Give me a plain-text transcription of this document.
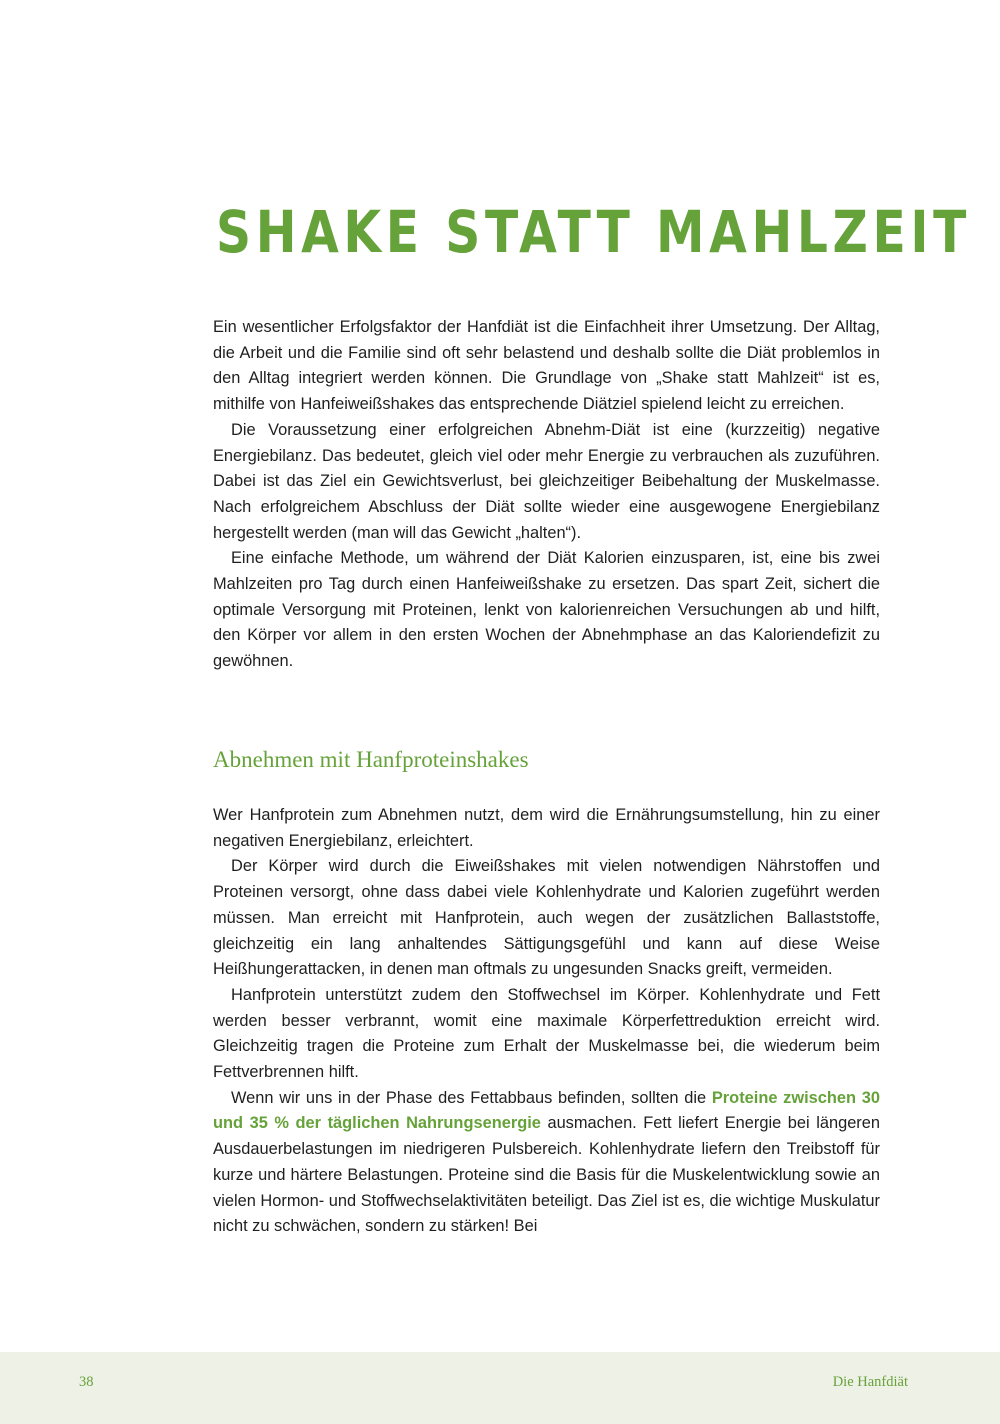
SHAKE STATT MAHLZEIT

Ein wesentlicher Erfolgsfaktor der Hanfdiät ist die Einfachheit ihrer Umsetzung. Der Alltag, die Arbeit und die Familie sind oft sehr belastend und deshalb sollte die Diät problemlos in den Alltag integriert werden können. Die Grundlage von „Shake statt Mahlzeit“ ist es, mithilfe von Hanfeiweißshakes das entsprechende Diätziel spielend leicht zu erreichen.

Die Voraussetzung einer erfolgreichen Abnehm-Diät ist eine (kurzzeitig) negative Energiebilanz. Das bedeutet, gleich viel oder mehr Energie zu verbrauchen als zuzuführen. Dabei ist das Ziel ein Gewichtsverlust, bei gleichzeitiger Beibehaltung der Muskelmasse. Nach erfolgreichem Abschluss der Diät sollte wieder eine ausgewogene Energiebilanz hergestellt werden (man will das Gewicht „halten“).

Eine einfache Methode, um während der Diät Kalorien einzusparen, ist, eine bis zwei Mahlzeiten pro Tag durch einen Hanfeiweißshake zu ersetzen. Das spart Zeit, sichert die optimale Versorgung mit Proteinen, lenkt von kalorienreichen Versuchungen ab und hilft, den Körper vor allem in den ersten Wochen der Abnehmphase an das Kaloriendefizit zu gewöhnen.

Abnehmen mit Hanfproteinshakes

Wer Hanfprotein zum Abnehmen nutzt, dem wird die Ernährungsumstellung, hin zu einer negativen Energiebilanz, erleichtert.

Der Körper wird durch die Eiweißshakes mit vielen notwendigen Nährstoffen und Proteinen versorgt, ohne dass dabei viele Kohlenhydrate und Kalorien zugeführt werden müssen. Man erreicht mit Hanfprotein, auch wegen der zusätzlichen Ballaststoffe, gleichzeitig ein lang anhaltendes Sättigungsgefühl und kann auf diese Weise Heißhungerattacken, in denen man oftmals zu ungesunden Snacks greift, vermeiden.

Hanfprotein unterstützt zudem den Stoffwechsel im Körper. Kohlenhydrate und Fett werden besser verbrannt, womit eine maximale Körperfettreduktion erreicht wird. Gleichzeitig tragen die Proteine zum Erhalt der Muskelmasse bei, die wiederum beim Fettverbrennen hilft.

Wenn wir uns in der Phase des Fettabbaus befinden, sollten die Proteine zwischen 30 und 35 % der täglichen Nahrungsenergie ausmachen. Fett liefert Energie bei längeren Ausdauerbelastungen im niedrigeren Pulsbereich. Kohlenhydrate liefern den Treibstoff für kurze und härtere Belastungen. Proteine sind die Basis für die Muskelentwicklung sowie an vielen Hormon- und Stoffwechselaktivitäten beteiligt. Das Ziel ist es, die wichtige Muskulatur nicht zu schwächen, sondern zu stärken! Bei

38	Die Hanfdiät
